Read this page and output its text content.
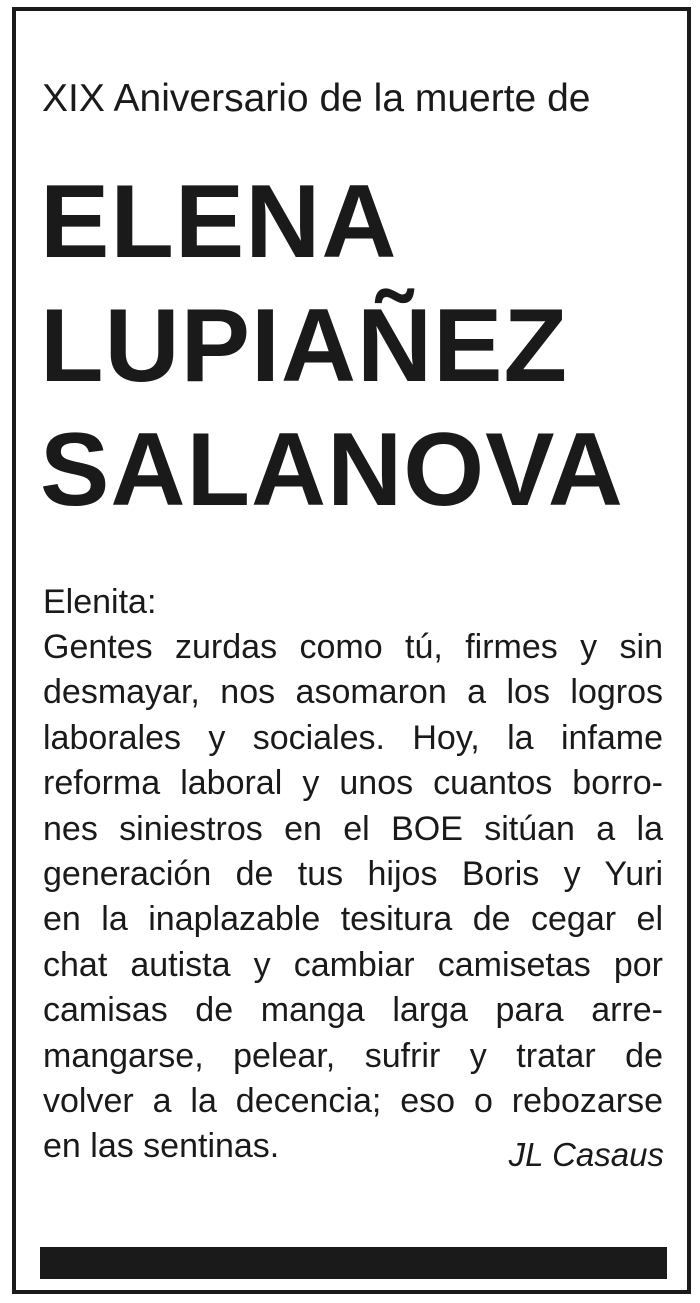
XIX Aniversario de la muerte de
ELENA
LUPIAÑEZ
SALANOVA
Elenita:
Gentes zurdas como tú, firmes y sin
desmayar, nos asomaron a los logros
laborales y sociales. Hoy, la infame
reforma laboral y unos cuantos borro-
nes siniestros en el BOE sitúan a la
generación de tus hijos Boris y Yuri
en la inaplazable tesitura de cegar el
chat autista y cambiar camisetas por
camisas de manga larga para arre-
mangarse, pelear, sufrir y tratar de
volver a la decencia; eso o rebozarse
en las sentinas.	JL Casaus
